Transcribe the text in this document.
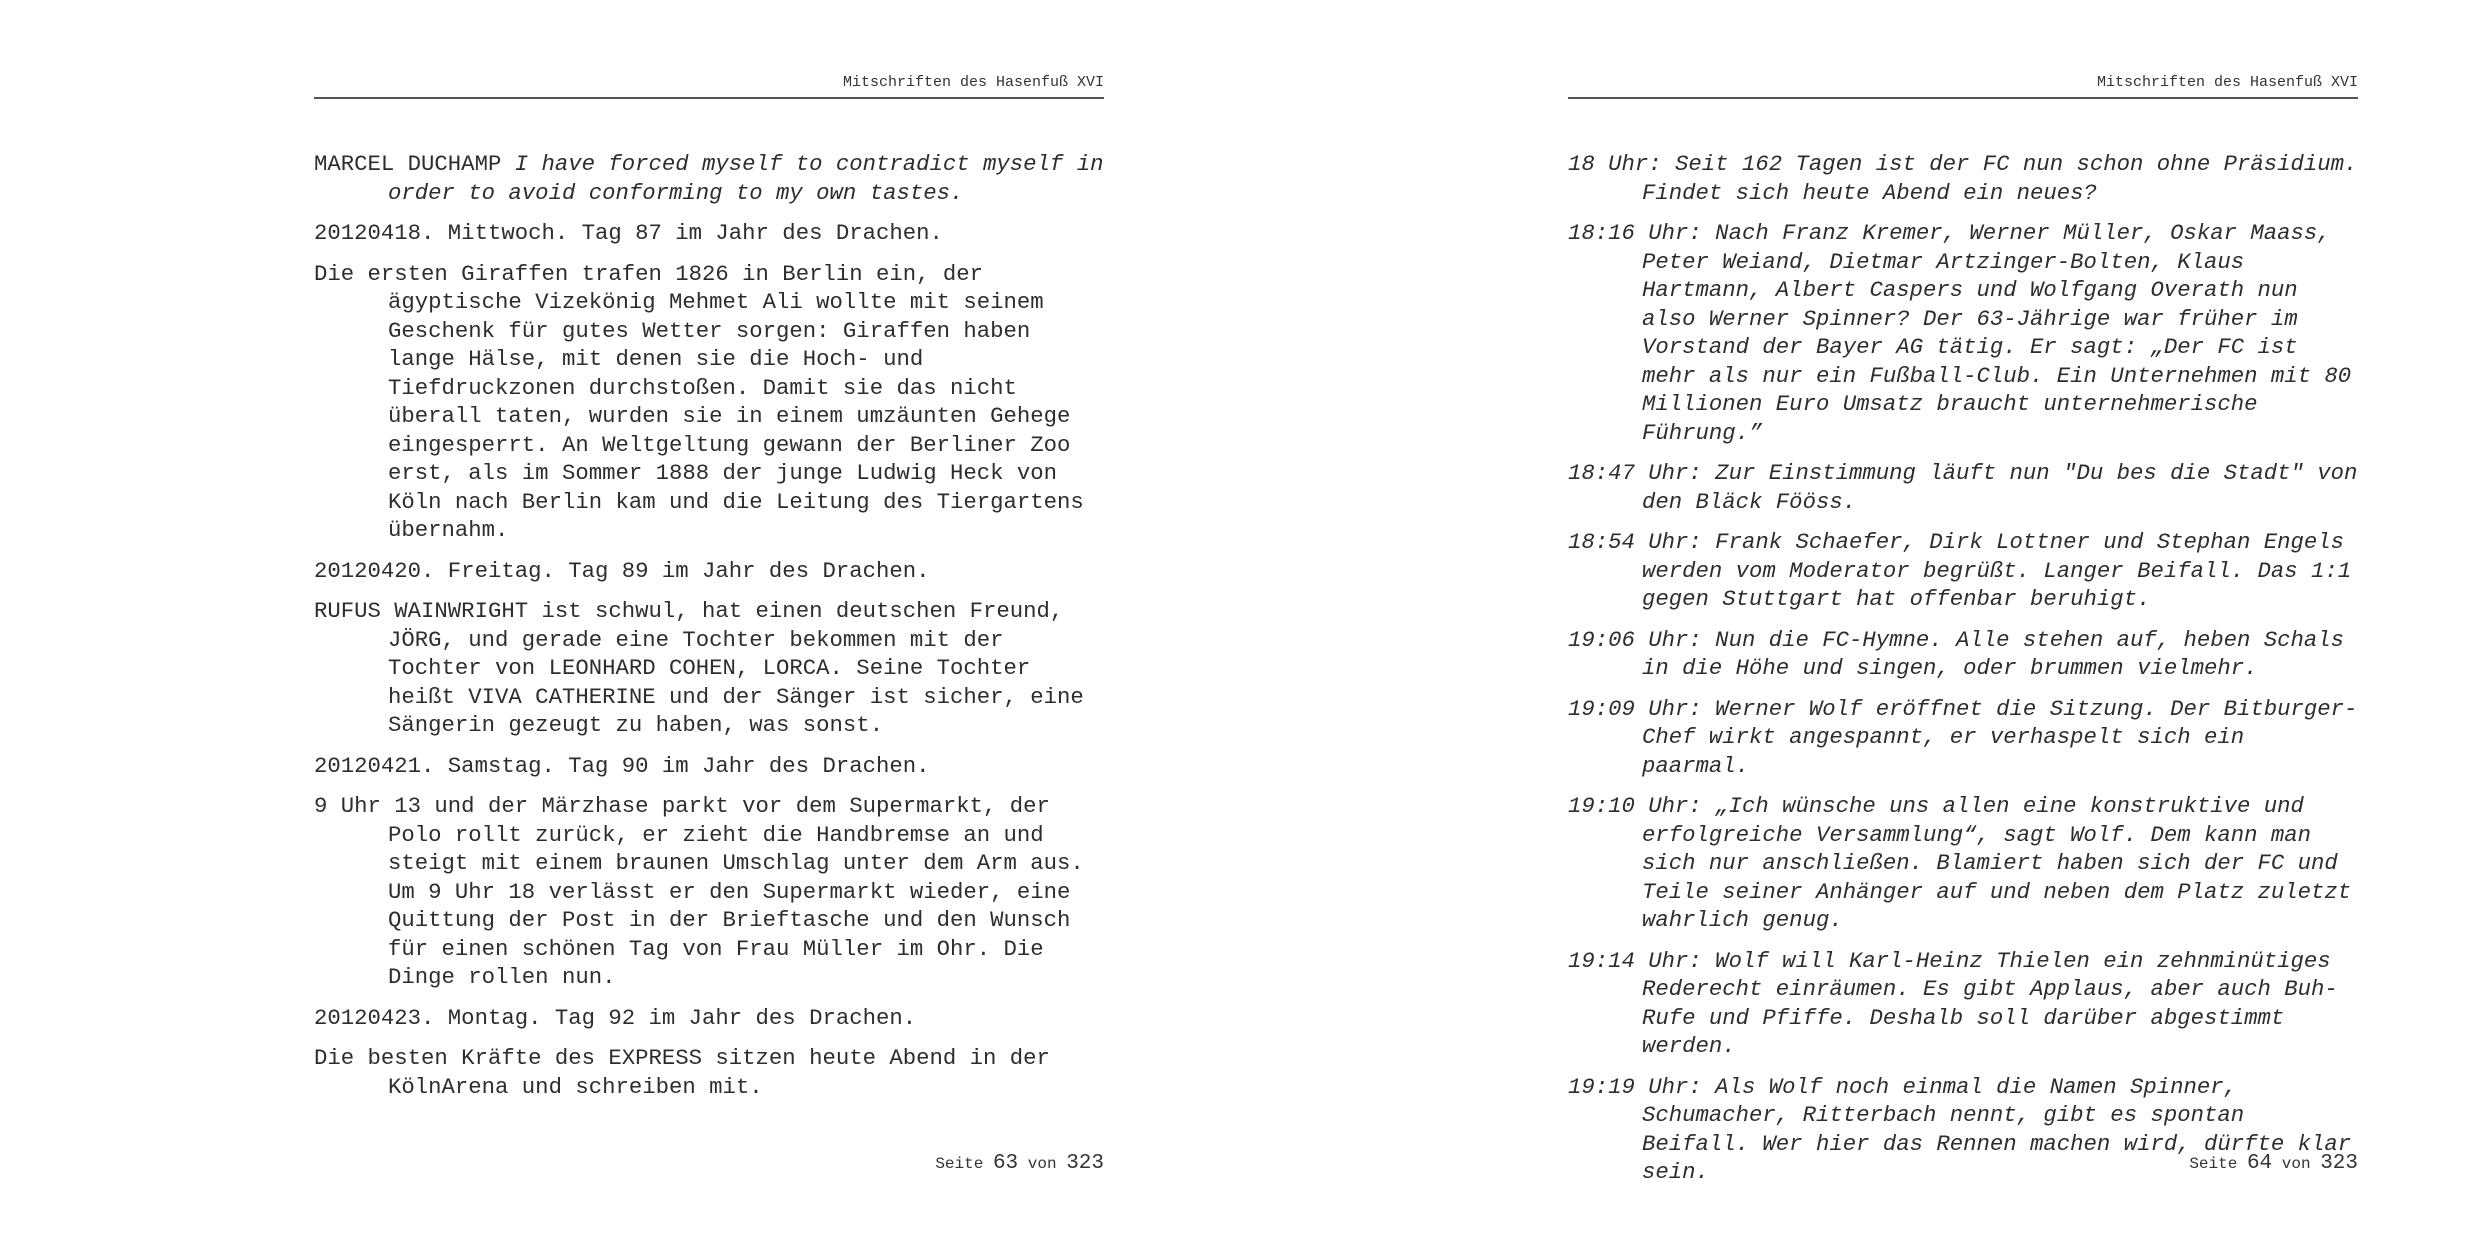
Mitschriften des Hasenfuß XVI

MARCEL DUCHAMP I have forced myself to contradict myself in order to avoid conforming to my own tastes.

20120418. Mittwoch. Tag 87 im Jahr des Drachen.

Die ersten Giraffen trafen 1826 in Berlin ein, der ägyptische Vizekönig Mehmet Ali wollte mit seinem Geschenk für gutes Wetter sorgen: Giraffen haben lange Hälse, mit denen sie die Hoch- und Tiefdruckzonen durchstoßen. Damit sie das nicht überall taten, wurden sie in einem umzäunten Gehege eingesperrt. An Weltgeltung gewann der Berliner Zoo erst, als im Sommer 1888 der junge Ludwig Heck von Köln nach Berlin kam und die Leitung des Tiergartens übernahm.

20120420. Freitag. Tag 89 im Jahr des Drachen.

RUFUS WAINWRIGHT ist schwul, hat einen deutschen Freund, JÖRG, und gerade eine Tochter bekommen mit der Tochter von LEONHARD COHEN, LORCA. Seine Tochter heißt VIVA CATHERINE und der Sänger ist sicher, eine Sängerin gezeugt zu haben, was sonst.

20120421. Samstag. Tag 90 im Jahr des Drachen.

9 Uhr 13 und der Märzhase parkt vor dem Supermarkt, der Polo rollt zurück, er zieht die Handbremse an und steigt mit einem braunen Umschlag unter dem Arm aus. Um 9 Uhr 18 verlässt er den Supermarkt wieder, eine Quittung der Post in der Brieftasche und den Wunsch für einen schönen Tag von Frau Müller im Ohr. Die Dinge rollen nun.

20120423. Montag. Tag 92 im Jahr des Drachen.

Die besten Kräfte des EXPRESS sitzen heute Abend in der KölnArena und schreiben mit.

Seite 63 von 323
Mitschriften des Hasenfuß XVI

18 Uhr: Seit 162 Tagen ist der FC nun schon ohne Präsidium. Findet sich heute Abend ein neues?

18:16 Uhr: Nach Franz Kremer, Werner Müller, Oskar Maass, Peter Weiand, Dietmar Artzinger-Bolten, Klaus Hartmann, Albert Caspers und Wolfgang Overath nun also Werner Spinner? Der 63-Jährige war früher im Vorstand der Bayer AG tätig. Er sagt: „Der FC ist mehr als nur ein Fußball-Club. Ein Unternehmen mit 80 Millionen Euro Umsatz braucht unternehmerische Führung.”

18:47 Uhr: Zur Einstimmung läuft nun "Du bes die Stadt" von den Bläck Fööss.

18:54 Uhr: Frank Schaefer, Dirk Lottner und Stephan Engels werden vom Moderator begrüßt. Langer Beifall. Das 1:1 gegen Stuttgart hat offenbar beruhigt.

19:06 Uhr: Nun die FC-Hymne. Alle stehen auf, heben Schals in die Höhe und singen, oder brummen vielmehr.

19:09 Uhr: Werner Wolf eröffnet die Sitzung. Der Bitburger-Chef wirkt angespannt, er verhaspelt sich ein paarmal.

19:10 Uhr: „Ich wünsche uns allen eine konstruktive und erfolgreiche Versammlung“, sagt Wolf. Dem kann man sich nur anschließen. Blamiert haben sich der FC und Teile seiner Anhänger auf und neben dem Platz zuletzt wahrlich genug.

19:14 Uhr: Wolf will Karl-Heinz Thielen ein zehnminütiges Rederecht einräumen. Es gibt Applaus, aber auch Buh-Rufe und Pfiffe. Deshalb soll darüber abgestimmt werden.

19:19 Uhr: Als Wolf noch einmal die Namen Spinner, Schumacher, Ritterbach nennt, gibt es spontan Beifall. Wer hier das Rennen machen wird, dürfte klar sein.	Seite 64 von 323
